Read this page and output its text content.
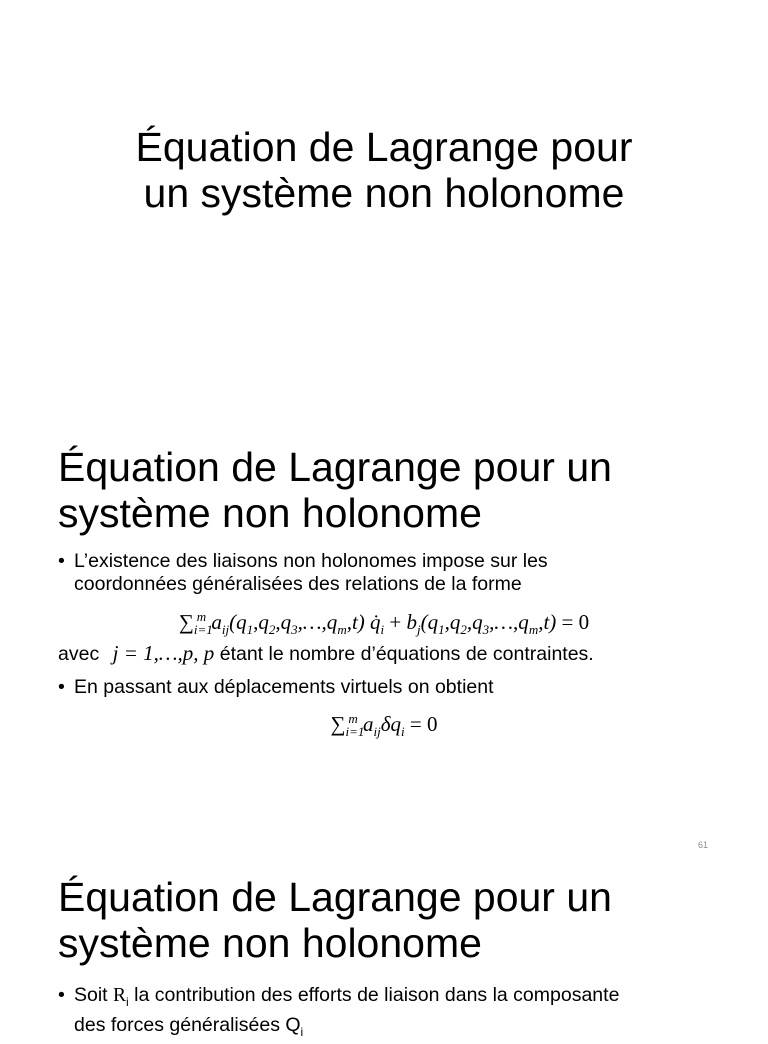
Équation de Lagrange pour
un système non holonome
Équation de Lagrange pour un
système non holonome
• L’existence des liaisons non holonomes impose sur les
coordonnées généralisées des relations de la forme
$\sum_{i=1}^m$ $a_{ij}(q_1,q_2,q_3,\dots,q_m,t)$ $q̇_i$ + $b_j(q_1,q_2,q_3,\dots,q_m,t) = 0$
avec j = 1,…,p, p étant le nombre d’équations de contraintes.
• En passant aux déplacements virtuels on obtient
$\sum_{i=1}^m$ $a_{ij}\delta q_i = 0$
61
Équation de Lagrange pour un
système non holonome
• Soit $R_i$ la contribution des efforts de liaison dans la composante
des forces généralisées $Q_i$
